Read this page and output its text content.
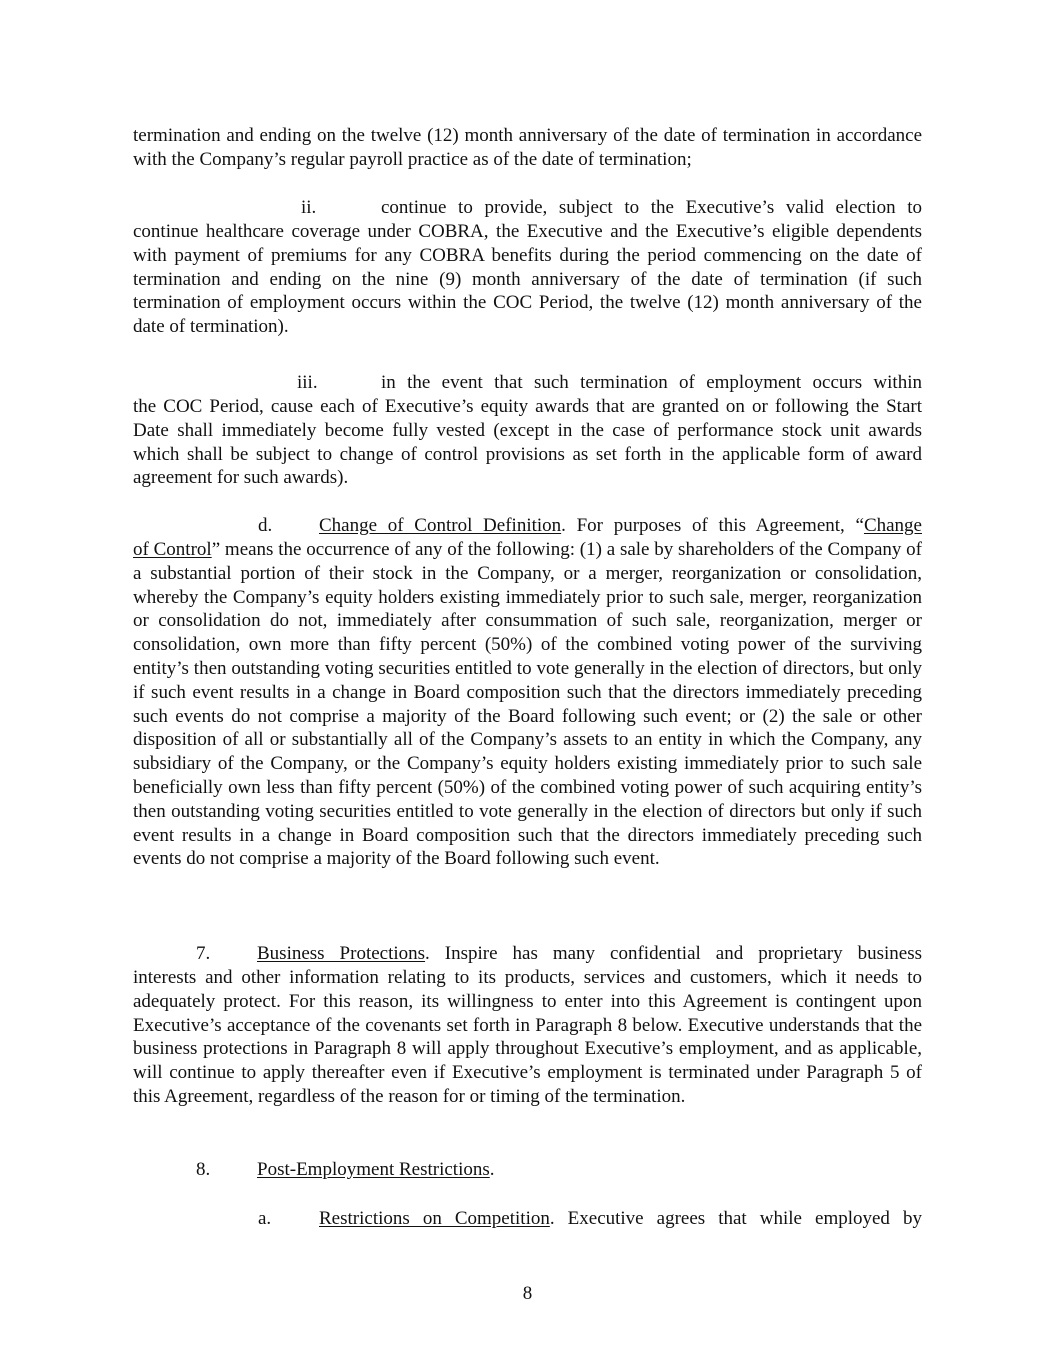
termination and ending on the twelve (12) month anniversary of the date of termination in accordance with the Company’s regular payroll practice as of the date of termination;

ii.	continue to provide, subject to the Executive’s valid election to

continue healthcare coverage under COBRA, the Executive and the Executive’s eligible dependents with payment of premiums for any COBRA benefits during the period commencing on the date of termination and ending on the nine (9) month anniversary of the date of termination (if such termination of employment occurs within the COC Period, the twelve (12) month anniversary of the date of termination).

iii.	in the event that such termination of employment occurs within

the COC Period, cause each of Executive’s equity awards that are granted on or following the Start Date shall immediately become fully vested (except in the case of performance stock unit awards which shall be subject to change of control provisions as set forth in the applicable form of award agreement for such awards).

d. Change of Control Definition. For purposes of this Agreement, “Change

of Control” means the occurrence of any of the following: (1) a sale by shareholders of the Company of a substantial portion of their stock in the Company, or a merger, reorganization or consolidation, whereby the Company’s equity holders existing immediately prior to such sale, merger, reorganization or consolidation do not, immediately after consummation of such sale, reorganization, merger or consolidation, own more than fifty percent (50%) of the combined voting power of the surviving entity’s then outstanding voting securities entitled to vote generally in the election of directors, but only if such event results in a change in Board composition such that the directors immediately preceding such events do not comprise a majority of the Board following such event; or (2) the sale or other disposition of all or substantially all of the Company’s assets to an entity in which the Company, any subsidiary of the Company, or the Company’s equity holders existing immediately prior to such sale beneficially own less than fifty percent (50%) of the combined voting power of such acquiring entity’s then outstanding voting securities entitled to vote generally in the election of directors but only if such event results in a change in Board composition such that the directors immediately preceding such events do not comprise a majority of the Board following such event.

7. Business Protections. Inspire has many confidential and proprietary business

interests and other information relating to its products, services and customers, which it needs to adequately protect. For this reason, its willingness to enter into this Agreement is contingent upon Executive’s acceptance of the covenants set forth in Paragraph 8 below. Executive understands that the business protections in Paragraph 8 will apply throughout Executive’s employment, and as applicable, will continue to apply thereafter even if Executive’s employment is terminated under Paragraph 5 of this Agreement, regardless of the reason for or timing of the termination.

8. Post-Employment Restrictions.
a.	Restrictions on Competition. Executive agrees that while employed by
8
